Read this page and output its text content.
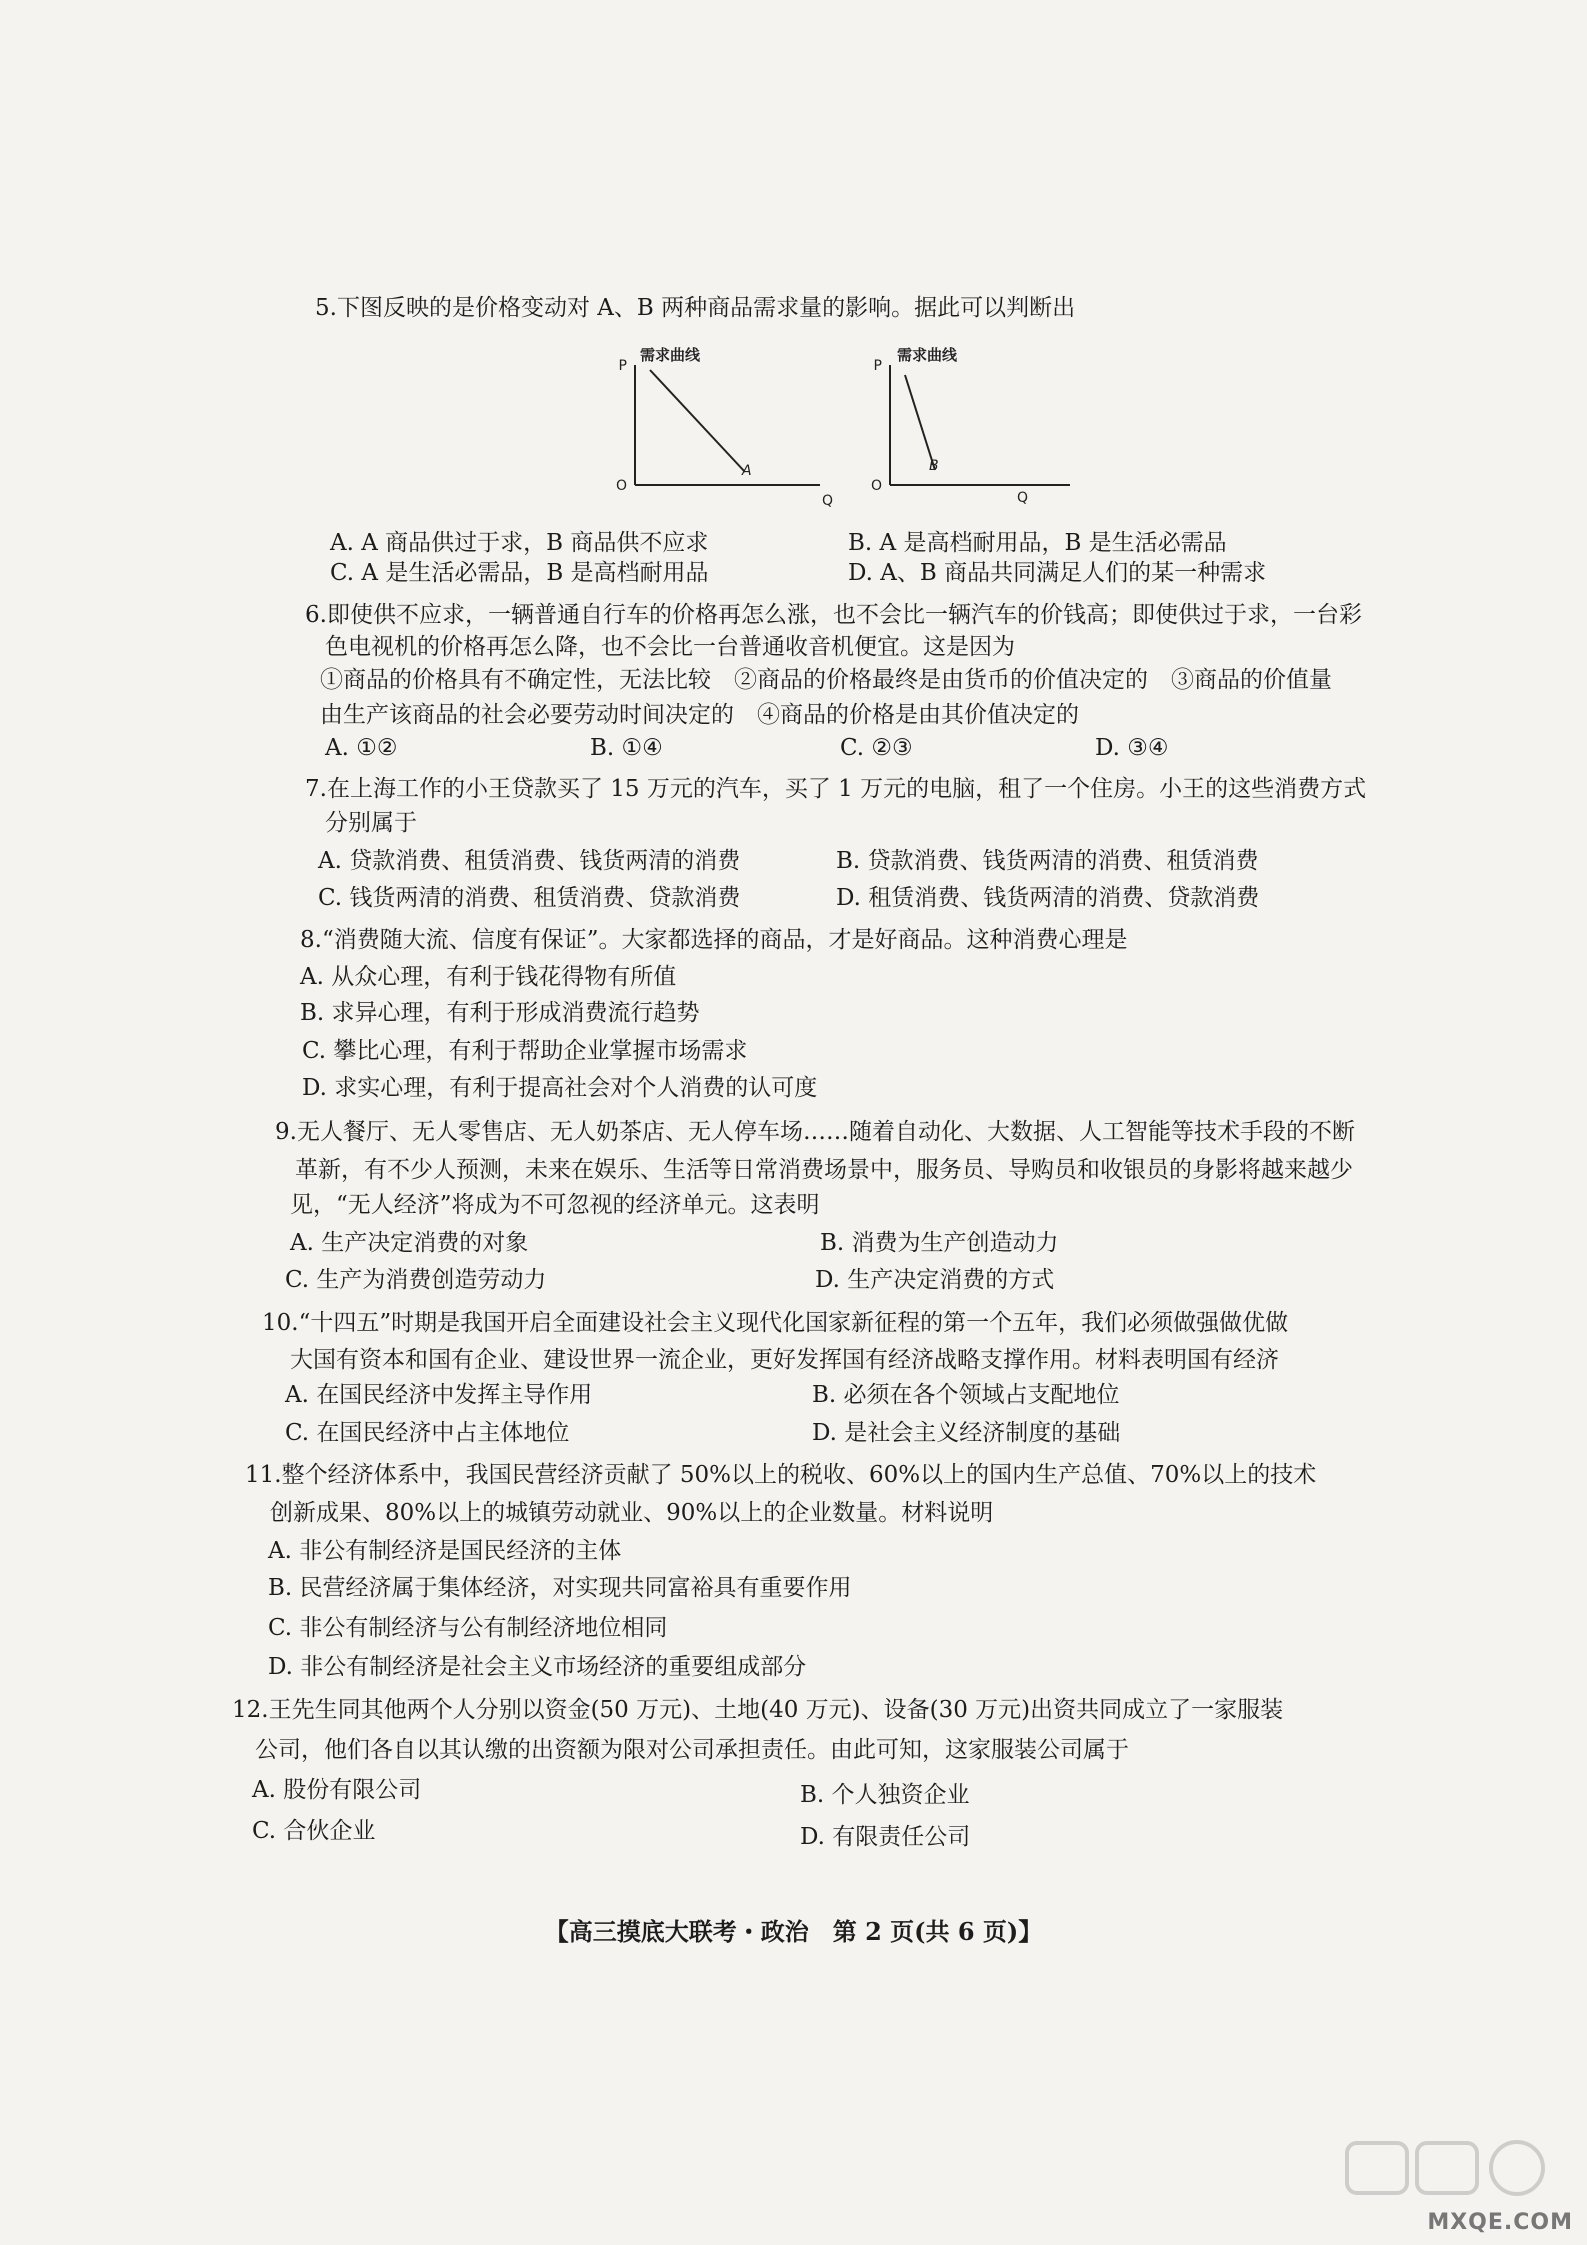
5.下图反映的是价格变动对 A、B 两种商品需求量的影响。据此可以判断出
P
O
Q
需求曲线
A
P
O
Q
需求曲线
B
A. A 商品供过于求，B 商品供不应求	B. A 是高档耐用品，B 是生活必需品
C. A 是生活必需品，B 是高档耐用品	D. A、B 商品共同满足人们的某一种需求
6.即使供不应求，一辆普通自行车的价格再怎么涨，也不会比一辆汽车的价钱高；即使供过于求，一台彩
色电视机的价格再怎么降，也不会比一台普通收音机便宜。这是因为
①商品的价格具有不确定性，无法比较　②商品的价格最终是由货币的价值决定的　③商品的价值量
由生产该商品的社会必要劳动时间决定的　④商品的价格是由其价值决定的
A. ①②	B. ①④	C. ②③	D. ③④
7.在上海工作的小王贷款买了 15 万元的汽车，买了 1 万元的电脑，租了一个住房。小王的这些消费方式
分别属于
A. 贷款消费、租赁消费、钱货两清的消费	B. 贷款消费、钱货两清的消费、租赁消费
C. 钱货两清的消费、租赁消费、贷款消费	D. 租赁消费、钱货两清的消费、贷款消费
8.“消费随大流、信度有保证”。大家都选择的商品，才是好商品。这种消费心理是
A. 从众心理，有利于钱花得物有所值
B. 求异心理，有利于形成消费流行趋势
C. 攀比心理，有利于帮助企业掌握市场需求
D. 求实心理，有利于提高社会对个人消费的认可度
9.无人餐厅、无人零售店、无人奶茶店、无人停车场……随着自动化、大数据、人工智能等技术手段的不断
革新，有不少人预测，未来在娱乐、生活等日常消费场景中，服务员、导购员和收银员的身影将越来越少
见，“无人经济”将成为不可忽视的经济单元。这表明
A. 生产决定消费的对象	B. 消费为生产创造动力
C. 生产为消费创造劳动力	D. 生产决定消费的方式
10.“十四五”时期是我国开启全面建设社会主义现代化国家新征程的第一个五年，我们必须做强做优做
大国有资本和国有企业、建设世界一流企业，更好发挥国有经济战略支撑作用。材料表明国有经济
A. 在国民经济中发挥主导作用	B. 必须在各个领域占支配地位
C. 在国民经济中占主体地位	D. 是社会主义经济制度的基础
11.整个经济体系中，我国民营经济贡献了 50%以上的税收、60%以上的国内生产总值、70%以上的技术
创新成果、80%以上的城镇劳动就业、90%以上的企业数量。材料说明
A. 非公有制经济是国民经济的主体
B. 民营经济属于集体经济，对实现共同富裕具有重要作用
C. 非公有制经济与公有制经济地位相同
D. 非公有制经济是社会主义市场经济的重要组成部分
12.王先生同其他两个人分别以资金(50 万元)、土地(40 万元)、设备(30 万元)出资共同成立了一家服装
公司，他们各自以其认缴的出资额为限对公司承担责任。由此可知，这家服装公司属于
A. 股份有限公司	B. 个人独资企业
C. 合伙企业	D. 有限责任公司
【高三摸底大联考・政治　第 2 页(共 6 页)】
MXQE.COM
